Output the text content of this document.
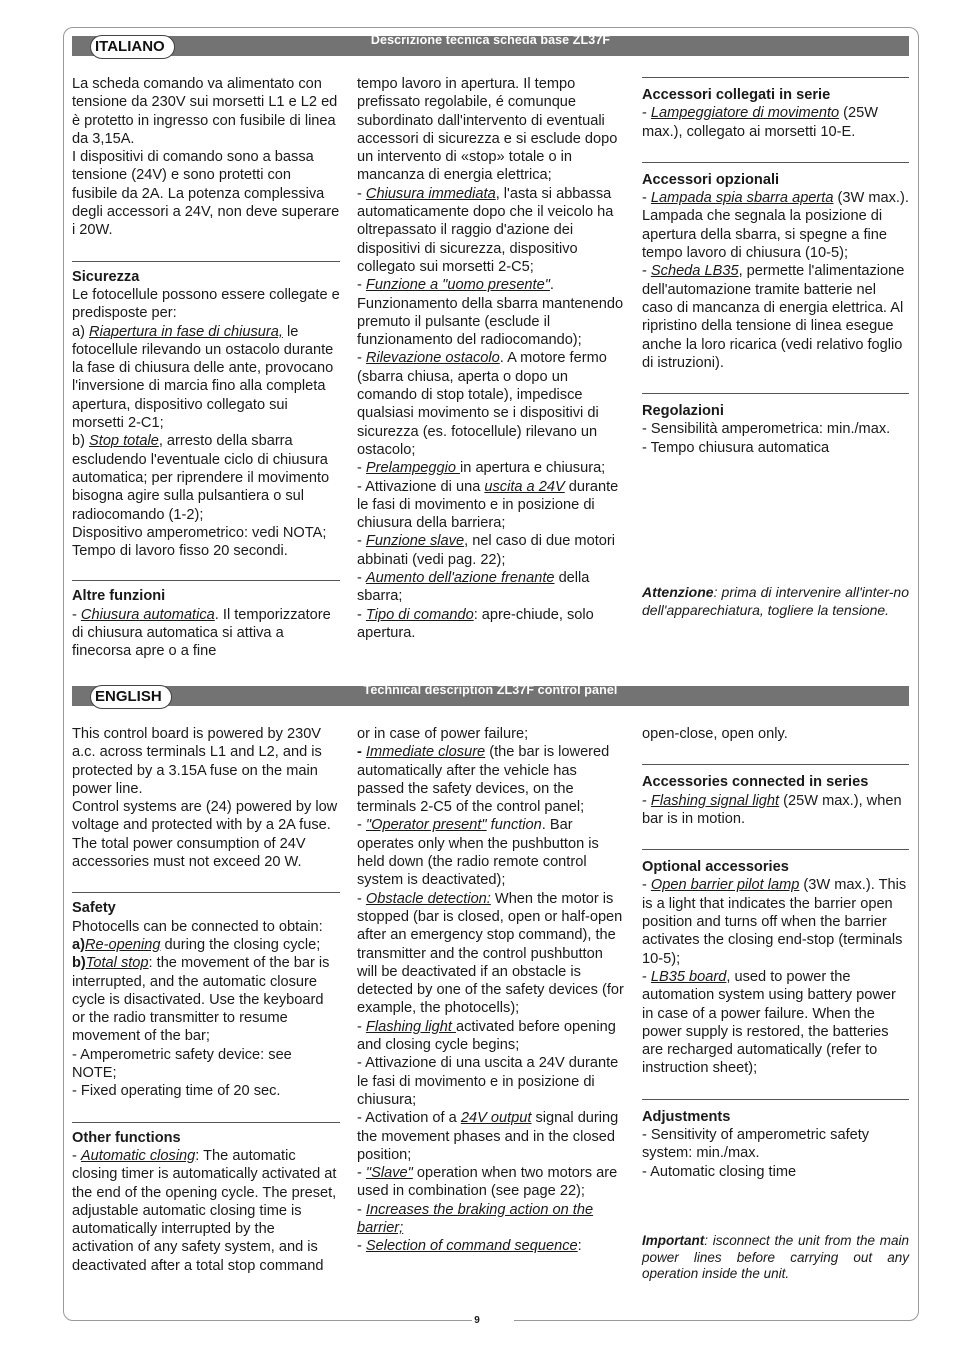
ITALIANO	Descrizione tecnica scheda base ZL37F

La scheda comando va alimentato con tensione da 230V sui morsetti L1 e L2 ed è protetto in ingresso con fusibile di linea da 3,15A.

I dispositivi di comando sono a bassa tensione (24V) e sono protetti con fusibile da 2A. La potenza complessiva degli accessori a 24V, non deve superare i 20W.

Sicurezza

Le fotocellule possono essere collegate e predisposte per:

a) Riapertura in fase di chiusura, le fotocellule rilevando un ostacolo durante la fase di chiusura delle ante, provocano l'inversione di marcia fino alla completa apertura, dispositivo collegato sui morsetti 2-C1;

b) Stop totale, arresto della sbarra escludendo l'eventuale ciclo di chiusura automatica; per riprendere il movimento bisogna agire sulla pulsantiera o sul radiocomando (1-2);

Dispositivo amperometrico: vedi NOTA;

Tempo di lavoro fisso 20 secondi.

Altre funzioni

- Chiusura automatica. Il temporizzatore di chiusura automatica si attiva a finecorsa apre o a fine

tempo lavoro in apertura. Il tempo prefissato regolabile, é comunque subordinato dall'intervento di eventuali accessori di sicurezza e si esclude dopo un intervento di «stop» totale o in mancanza di energia elettrica;

- Chiusura immediata, l'asta si abbassa automaticamente dopo che il veicolo ha oltrepassato il raggio d'azione dei dispositivi di sicurezza, dispositivo collegato sui morsetti 2-C5;

- Funzione a "uomo presente". Funzionamento della sbarra mantenendo premuto il pulsante (esclude il funzionamento del radiocomando);

- Rilevazione ostacolo. A motore fermo (sbarra chiusa, aperta o dopo un comando di stop totale), impedisce qualsiasi movimento se i dispositivi di sicurezza (es. fotocellule) rilevano un ostacolo;

- Prelampeggio in apertura e chiusura;

- Attivazione di una uscita a 24V durante le fasi di movimento e in posizione di chiusura della barriera;

- Funzione slave, nel caso di due motori abbinati (vedi pag. 22);

- Aumento dell'azione frenante della sbarra;

- Tipo di comando: apre-chiude, solo apertura.

Accessori collegati in serie

- Lampeggiatore di movimento (25W max.), collegato ai morsetti 10-E.

Accessori opzionali

- Lampada spia sbarra aperta (3W max.). Lampada che segnala la posizione di apertura della sbarra, si spegne a fine tempo lavoro di chiusura (10-5);

- Scheda LB35, permette l'alimentazione dell'automazione tramite batterie nel caso di mancanza di energia elettrica. Al ripristino della tensione di linea esegue anche la loro ricarica (vedi relativo foglio di istruzioni).

Regolazioni

- Sensibilità amperometrica: min./max.

- Tempo chiusura automatica

Attenzione: prima di intervenire all'inter-no dell'apparechiatura, togliere la tensione.
ENGLISH	Technical description ZL37F control panel

This control board is powered by 230V a.c. across terminals L1 and L2, and is protected by a 3.15A fuse on the main power line.

Control systems are (24) powered by low voltage and protected with by a 2A fuse.

The total power consumption of 24V accessories must not exceed 20 W.

Safety

Photocells can be connected to obtain:

a)Re-opening during the closing cycle;

b)Total stop: the movement of the bar is interrupted, and the automatic closure cycle is disactivated. Use the keyboard or the radio transmitter to resume movement of the bar;

- Amperometric safety device: see NOTE;

- Fixed operating time of 20 sec.

Other functions

- Automatic closing: The automatic closing timer is automatically activated at the end of the opening cycle. The preset, adjustable automatic closing time is automatically interrupted by the activation of any safety system, and is deactivated after a total stop command

or in case of power failure;

- Immediate closure (the bar is lowered automatically after the vehicle has passed the safety devices, on the terminals 2-C5 of the control panel;

- "Operator present" function. Bar operates only when the pushbutton is held down (the radio remote control system is deactivated);

- Obstacle detection: When the motor is stopped (bar is closed, open or half-open after an emergency stop command), the transmitter and the control pushbutton will be deactivated if an obstacle is detected by one of the safety devices (for example, the photocells);

- Flashing light activated before opening and closing cycle begins;

- Attivazione di una uscita a 24V durante le fasi di movimento e in posizione di chiusura;

- Activation of a 24V output signal during the movement phases and in the closed position;

- "Slave" operation when two motors are used in combination (see page 22);

- Increases the braking action on the barrier;

- Selection of command sequence:

open-close, open only.

Accessories connected in series

- Flashing signal light (25W max.), when bar is in motion.

Optional accessories

- Open barrier pilot lamp (3W max.). This is a light that indicates the barrier open position and turns off when the barrier activates the closing end-stop (terminals 10-5);

- LB35 board, used to power the automation system using battery power in case of a power failure. When the power supply is restored, the batteries are recharged automatically (refer to instruction sheet);

Adjustments

- Sensitivity of amperometric safety system: min./max.

- Automatic closing time

Important: isconnect the unit from the main power lines before carrying out any operation inside the unit.
9
